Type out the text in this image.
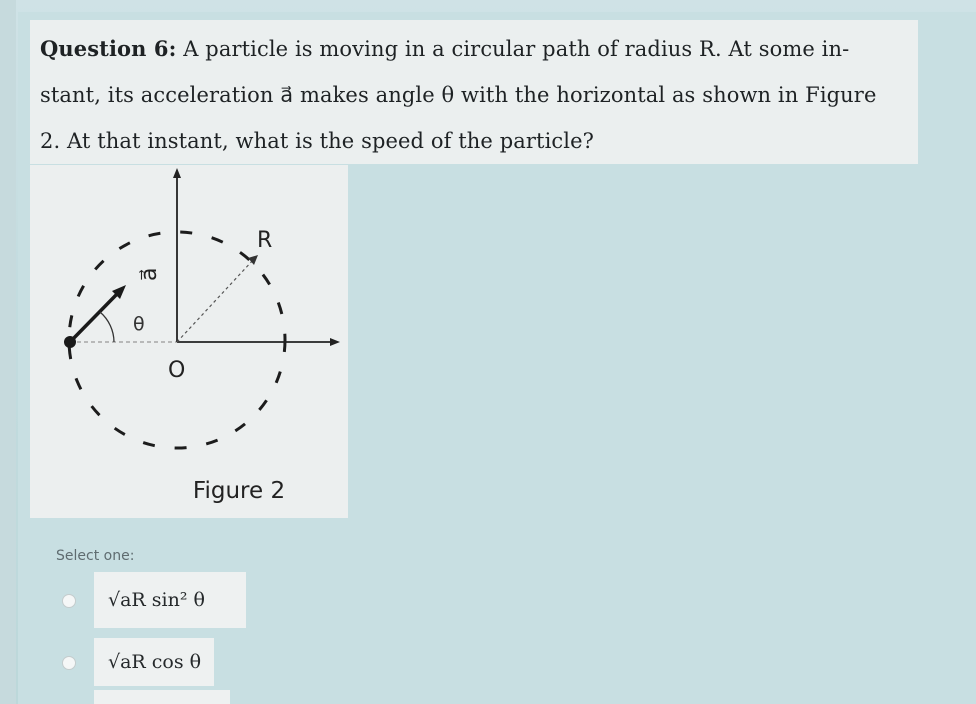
Question 6: A particle is moving in a circular path of radius R. At some in-
stant, its acceleration a⃗ makes angle θ with the horizontal as shown in Figure
2. At that instant, what is the speed of the particle?
R
a⃗
θ
O
Figure 2
Select one:
√aR sin² θ
√aR cos θ
